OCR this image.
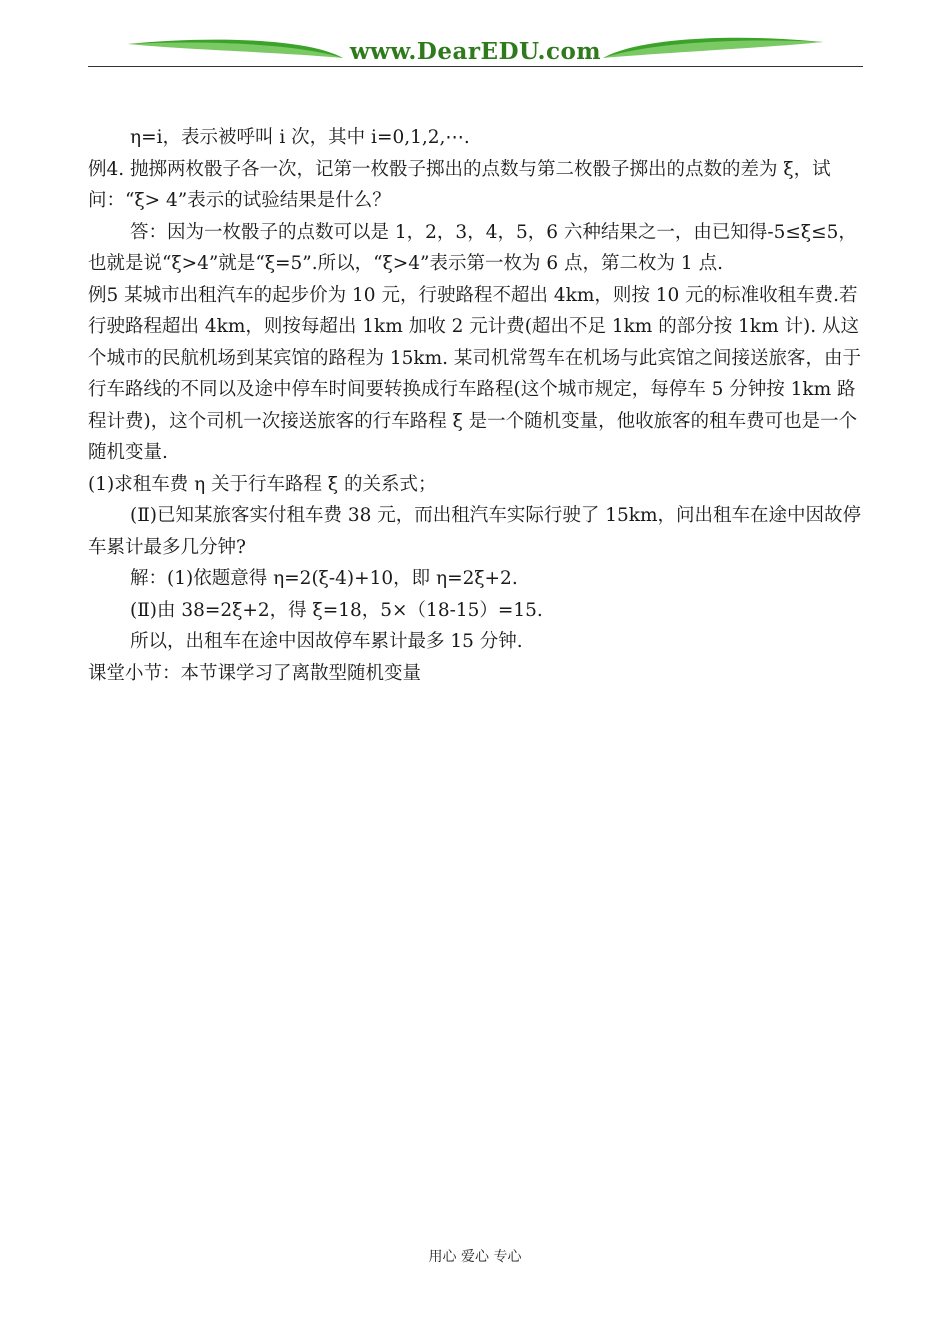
www.DearEDU.com

η=i，表示被呼叫 i 次，其中 i=0,1,2,⋯.

例4. 抛掷两枚骰子各一次，记第一枚骰子掷出的点数与第二枚骰子掷出的点数的差为 ξ，试问：“ξ> 4”表示的试验结果是什么？

答：因为一枚骰子的点数可以是 1，2，3，4，5，6 六种结果之一，由已知得-5≤ξ≤5，也就是说“ξ>4”就是“ξ=5”.所以，“ξ>4”表示第一枚为 6 点，第二枚为 1 点.

例5 某城市出租汽车的起步价为 10 元，行驶路程不超出 4km，则按 10 元的标准收租车费.若行驶路程超出 4km，则按每超出 1km 加收 2 元计费(超出不足 1km 的部分按 1km 计). 从这个城市的民航机场到某宾馆的路程为 15km. 某司机常驾车在机场与此宾馆之间接送旅客，由于行车路线的不同以及途中停车时间要转换成行车路程(这个城市规定，每停车 5 分钟按 1km 路程计费)，这个司机一次接送旅客的行车路程 ξ 是一个随机变量，他收旅客的租车费可也是一个随机变量.

(1)求租车费 η 关于行车路程 ξ 的关系式；

(Ⅱ)已知某旅客实付租车费 38 元，而出租汽车实际行驶了 15km，问出租车在途中因故停车累计最多几分钟?

解：(1)依题意得 η=2(ξ-4)+10，即 η=2ξ+2.

(Ⅱ)由 38=2ξ+2，得 ξ=18，5×（18-15）=15.

所以，出租车在途中因故停车累计最多 15 分钟.

课堂小节：本节课学习了离散型随机变量

用心 爱心 专心
